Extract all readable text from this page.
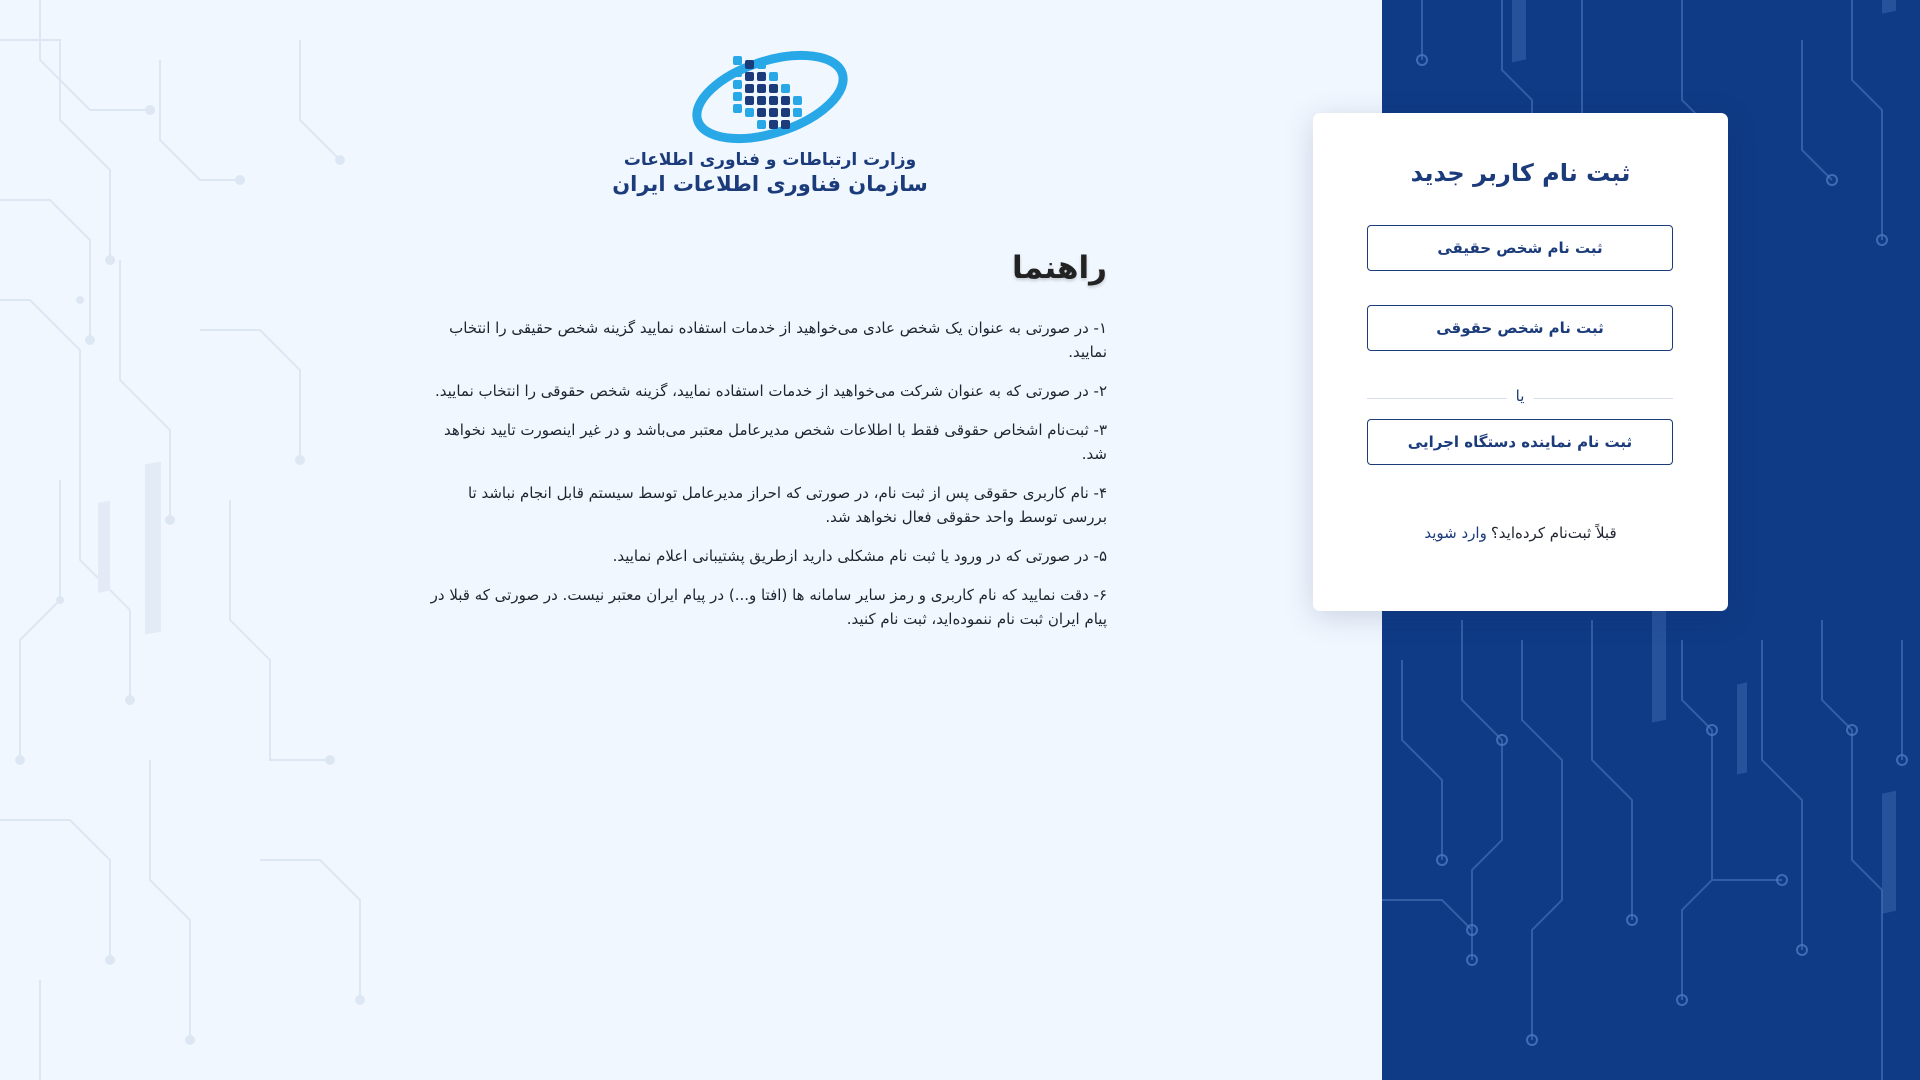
وزارت ارتباطات و فناوری اطلاعات
سازمان فناوری اطلاعات ایران
راهنما

۱- در صورتی به عنوان یک شخص عادی می‌خواهید از خدمات استفاده نمایید گزینه شخص حقیقی را انتخاب نمایید.

۲- در صورتی که به عنوان شرکت می‌خواهید از خدمات استفاده نمایید، گزینه شخص حقوقی را انتخاب نمایید.

۳- ثبت‌نام اشخاص حقوقی فقط با اطلاعات شخص مدیرعامل معتبر می‌باشد و در غیر اینصورت تایید نخواهد شد.

۴- نام کاربری حقوقی پس از ثبت نام، در صورتی که احراز مدیرعامل توسط سیستم قابل انجام نباشد تا بررسی توسط واحد حقوقی فعال نخواهد شد.

۵- در صورتی که در ورود یا ثبت نام مشکلی دارید ازطریق پشتیبانی اعلام نمایید.

۶- دقت نمایید که نام کاربری و رمز سایر سامانه ها (افتا و...) در پیام ایران معتبر نیست. در صورتی که قبلا در پیام ایران ثبت نام ننموده‌اید، ثبت نام کنید.

ثبت نام کاربر جدید
ثبت نام شخص حقیقی
ثبت نام شخص حقوقی
یا
ثبت نام نماینده دستگاه اجرایی
قبلاً ثبت‌نام کرده‌اید؟وارد شوید
